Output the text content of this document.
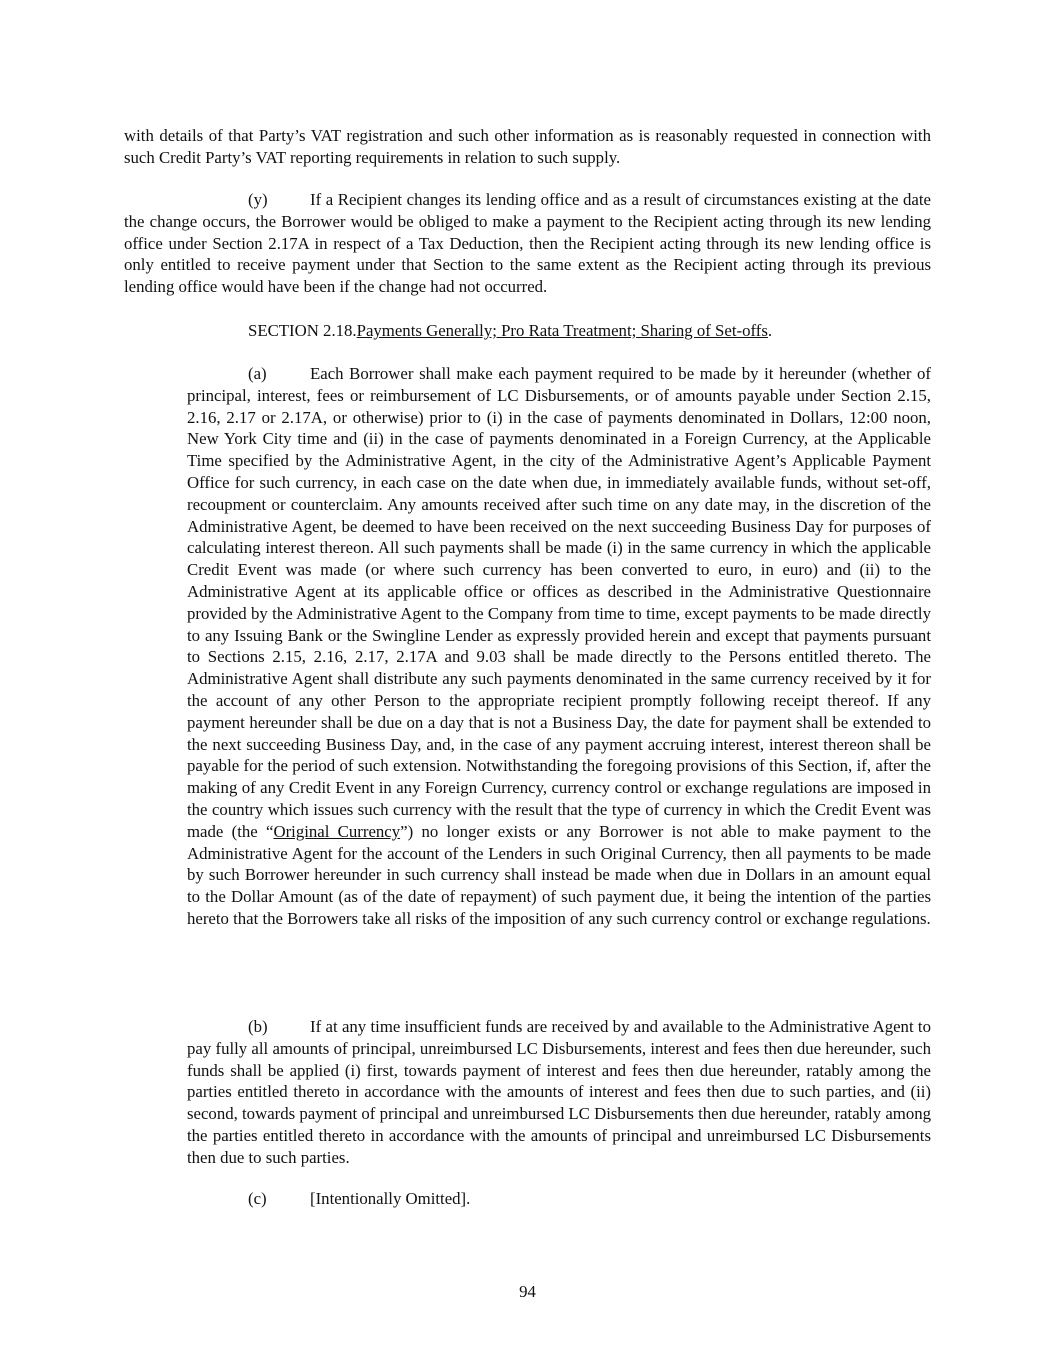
with details of that Party’s VAT registration and such other information as is reasonably requested in connection with such Credit Party’s VAT reporting requirements in relation to such supply.

(y)	If a Recipient changes its lending office and as a result of circumstances existing at the date the change occurs, the Borrower would be obliged to make a payment to the Recipient acting through its new lending office under Section 2.17A in respect of a Tax Deduction, then the Recipient acting through its new lending office is only entitled to receive payment under that Section to the same extent as the Recipient acting through its previous lending office would have been if the change had not occurred.

SECTION 2.18.Payments Generally; Pro Rata Treatment; Sharing of Set-offs.

(a)	Each Borrower shall make each payment required to be made by it hereunder (whether of principal, interest, fees or reimbursement of LC Disbursements, or of amounts payable under Section 2.15, 2.16, 2.17 or 2.17A, or otherwise) prior to (i) in the case of payments denominated in Dollars, 12:00 noon, New York City time and (ii) in the case of payments denominated in a Foreign Currency, at the Applicable Time specified by the Administrative Agent, in the city of the Administrative Agent’s Applicable Payment Office for such currency, in each case on the date when due, in immediately available funds, without set-off, recoupment or counterclaim. Any amounts received after such time on any date may, in the discretion of the Administrative Agent, be deemed to have been received on the next succeeding Business Day for purposes of calculating interest thereon. All such payments shall be made (i) in the same currency in which the applicable Credit Event was made (or where such currency has been converted to euro, in euro) and (ii) to the Administrative Agent at its applicable office or offices as described in the Administrative Questionnaire provided by the Administrative Agent to the Company from time to time, except payments to be made directly to any Issuing Bank or the Swingline Lender as expressly provided herein and except that payments pursuant to Sections 2.15, 2.16, 2.17, 2.17A and 9.03 shall be made directly to the Persons entitled thereto. The Administrative Agent shall distribute any such payments denominated in the same currency received by it for the account of any other Person to the appropriate recipient promptly following receipt thereof. If any payment hereunder shall be due on a day that is not a Business Day, the date for payment shall be extended to the next succeeding Business Day, and, in the case of any payment accruing interest, interest thereon shall be payable for the period of such extension. Notwithstanding the foregoing provisions of this Section, if, after the making of any Credit Event in any Foreign Currency, currency control or exchange regulations are imposed in the country which issues such currency with the result that the type of currency in which the Credit Event was made (the “Original Currency”) no longer exists or any Borrower is not able to make payment to the Administrative Agent for the account of the Lenders in such Original Currency, then all payments to be made by such Borrower hereunder in such currency shall instead be made when due in Dollars in an amount equal to the Dollar Amount (as of the date of repayment) of such payment due, it being the intention of the parties hereto that the Borrowers take all risks of the imposition of any such currency control or exchange regulations.

(b)	If at any time insufficient funds are received by and available to the Administrative Agent to pay fully all amounts of principal, unreimbursed LC Disbursements, interest and fees then due hereunder, such funds shall be applied (i) first, towards payment of interest and fees then due hereunder, ratably among the parties entitled thereto in accordance with the amounts of interest and fees then due to such parties, and (ii) second, towards payment of principal and unreimbursed LC Disbursements then due hereunder, ratably among the parties entitled thereto in accordance with the amounts of principal and unreimbursed LC Disbursements then due to such parties.

(c)	[Intentionally Omitted].
94
